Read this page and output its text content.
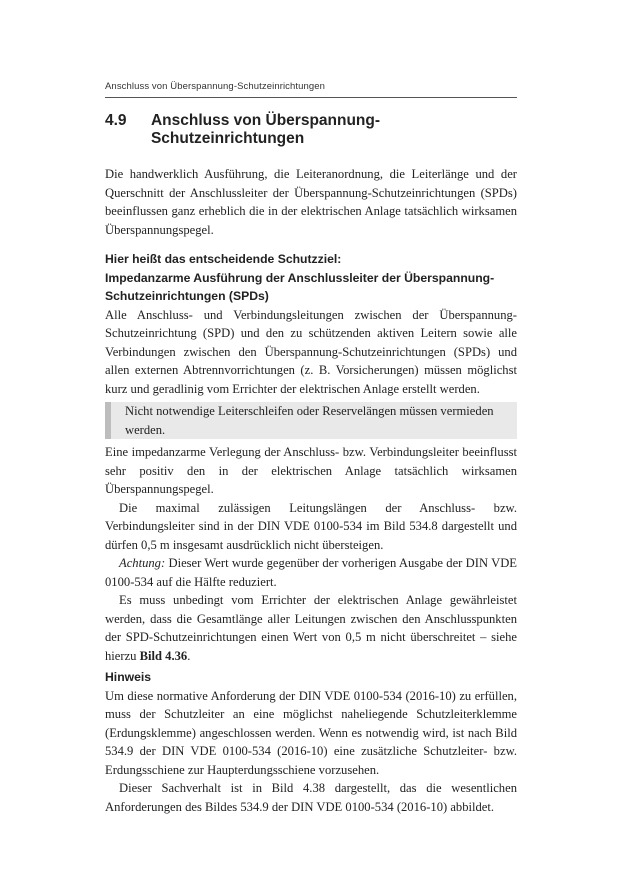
Anschluss von Überspannung-Schutzeinrichtungen
4.9	Anschluss von Überspannung-Schutzeinrichtungen

Die handwerklich Ausführung, die Leiteranordnung, die Leiterlänge und der Querschnitt der Anschlussleiter der Überspannung-Schutzeinrichtungen (SPDs) beeinflussen ganz erheblich die in der elektrischen Anlage tatsächlich wirksamen Überspannungspegel.

Hier heißt das entscheidende Schutzziel:
Impedanzarme Ausführung der Anschlussleiter der Überspannung-Schutzeinrichtungen (SPDs)

Alle Anschluss- und Verbindungsleitungen zwischen der Überspannung-Schutzeinrichtung (SPD) und den zu schützenden aktiven Leitern sowie alle Verbindungen zwischen den Überspannung-Schutzeinrichtungen (SPDs) und allen externen Abtrennvorrichtungen (z. B. Vorsicherungen) müssen möglichst kurz und geradlinig vom Errichter der elektrischen Anlage erstellt werden.

Nicht notwendige Leiterschleifen oder Reservelängen müssen vermieden werden.

Eine impedanzarme Verlegung der Anschluss- bzw. Verbindungsleiter beeinflusst sehr positiv den in der elektrischen Anlage tatsächlich wirksamen Überspannungspegel.

Die maximal zulässigen Leitungslängen der Anschluss- bzw. Verbindungsleiter sind in der DIN VDE 0100-534 im Bild 534.8 dargestellt und dürfen 0,5 m insgesamt ausdrücklich nicht übersteigen.

Achtung: Dieser Wert wurde gegenüber der vorherigen Ausgabe der DIN VDE 0100-534 auf die Hälfte reduziert.

Es muss unbedingt vom Errichter der elektrischen Anlage gewährleistet werden, dass die Gesamtlänge aller Leitungen zwischen den Anschlusspunkten der SPD-Schutzeinrichtungen einen Wert von 0,5 m nicht überschreitet – siehe hierzu Bild 4.36.

Hinweis

Um diese normative Anforderung der DIN VDE 0100-534 (2016-10) zu erfüllen, muss der Schutzleiter an eine möglichst naheliegende Schutzleiterklemme (Erdungsklemme) angeschlossen werden. Wenn es notwendig wird, ist nach Bild 534.9 der DIN VDE 0100-534 (2016-10) eine zusätzliche Schutzleiter- bzw. Erdungsschiene zur Haupterdungsschiene vorzusehen.

Dieser Sachverhalt ist in Bild 4.38 dargestellt, das die wesentlichen Anforderungen des Bildes 534.9 der DIN VDE 0100-534 (2016-10) abbildet.
